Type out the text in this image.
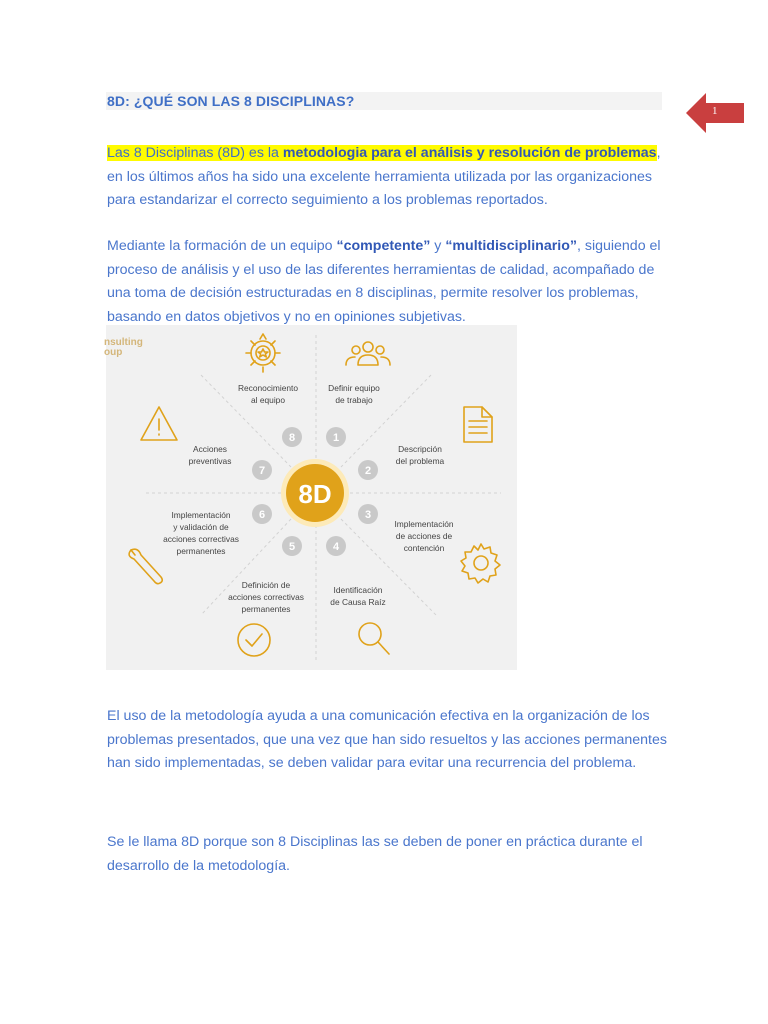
8D: ¿QUÉ SON LAS 8 DISCIPLINAS?
1

Las 8 Disciplinas (8D) es la metodologia para el análisis y resolución de problemas, en los últimos años ha sido una excelente herramienta utilizada por las organizaciones para estandarizar el correcto seguimiento a los problemas reportados.

Mediante la formación de un equipo “competente” y “multidisciplinario”, siguiendo el proceso de análisis y el uso de las diferentes herramientas de calidad, acompañado de una toma de decisión estructuradas en 8 disciplinas, permite resolver los problemas, basando en datos objetivos y no en opiniones subjetivas.

nsulting
oup
8D
1
2
3
4
5
6
7
8
Definir equipo de trabajo
Descripción del problema
Implementación de acciones de contención
Identificación de Causa Raíz
Definición de acciones correctivas permanentes
Implementación y validación de acciones correctivas permanentes
Acciones preventivas
Reconocimiento al equipo

El uso de la metodología ayuda a una comunicación efectiva en la organización de los problemas presentados, que una vez que han sido resueltos y las acciones permanentes han sido implementadas, se deben validar para evitar una recurrencia del problema.

Se le llama 8D porque son 8 Disciplinas las se deben de poner en práctica durante el desarrollo de la metodología.
